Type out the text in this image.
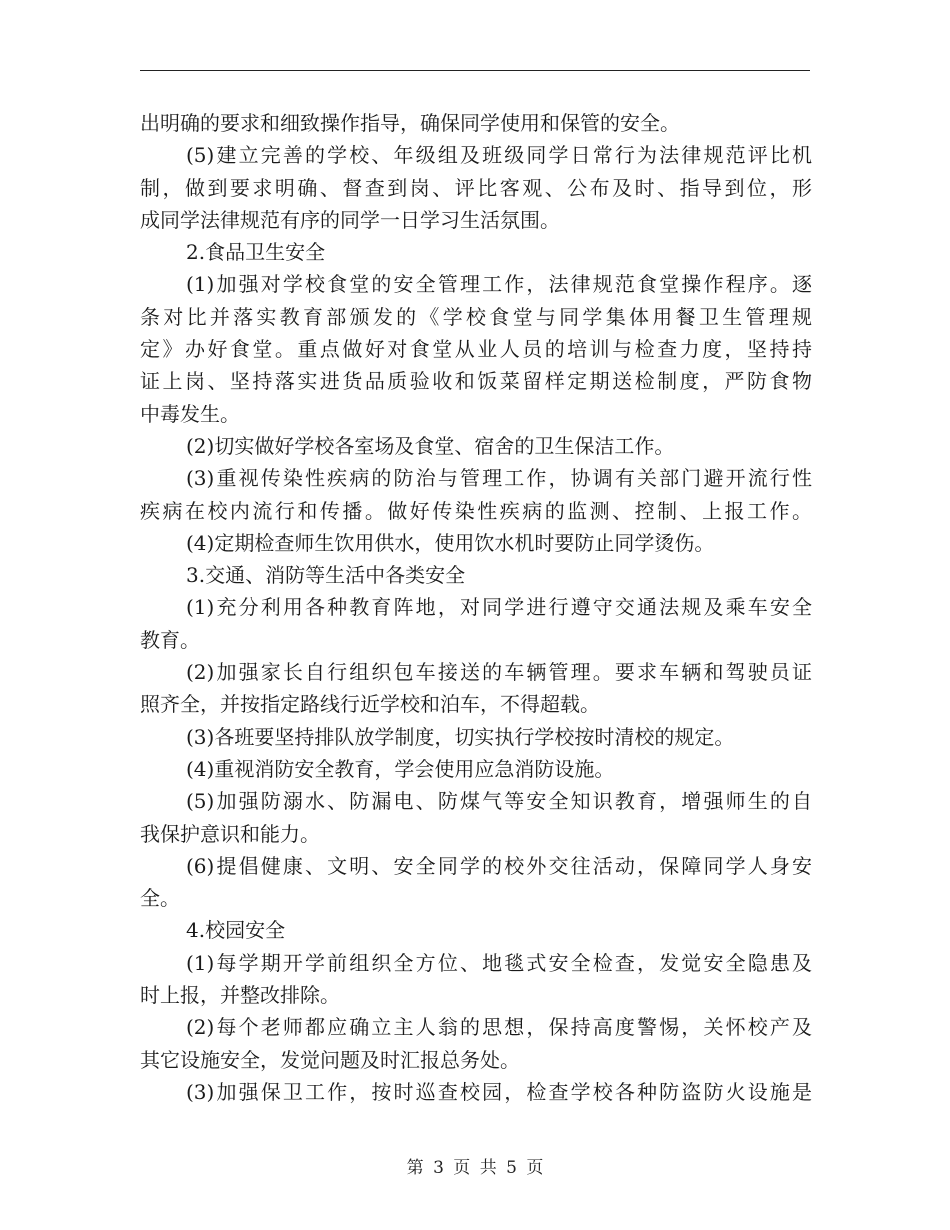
出明确的要求和细致操作指导，确保同学使用和保管的安全。
(5)建立完善的学校、年级组及班级同学日常行为法律规范评比机
制，做到要求明确、督查到岗、评比客观、公布及时、指导到位，形
成同学法律规范有序的同学一日学习生活氛围。
2.食品卫生安全
(1)加强对学校食堂的安全管理工作，法律规范食堂操作程序。逐
条对比并落实教育部颁发的《学校食堂与同学集体用餐卫生管理规
定》办好食堂。重点做好对食堂从业人员的培训与检查力度，坚持持
证上岗、坚持落实进货品质验收和饭菜留样定期送检制度，严防食物
中毒发生。
(2)切实做好学校各室场及食堂、宿舍的卫生保洁工作。
(3)重视传染性疾病的防治与管理工作，协调有关部门避开流行性
疾病在校内流行和传播。做好传染性疾病的监测、控制、上报工作。
(4)定期检查师生饮用供水，使用饮水机时要防止同学烫伤。
3.交通、消防等生活中各类安全
(1)充分利用各种教育阵地，对同学进行遵守交通法规及乘车安全
教育。
(2)加强家长自行组织包车接送的车辆管理。要求车辆和驾驶员证
照齐全，并按指定路线行近学校和泊车，不得超载。
(3)各班要坚持排队放学制度，切实执行学校按时清校的规定。
(4)重视消防安全教育，学会使用应急消防设施。
(5)加强防溺水、防漏电、防煤气等安全知识教育，增强师生的自
我保护意识和能力。
(6)提倡健康、文明、安全同学的校外交往活动，保障同学人身安
全。
4.校园安全
(1)每学期开学前组织全方位、地毯式安全检查，发觉安全隐患及
时上报，并整改排除。
(2)每个老师都应确立主人翁的思想，保持高度警惕，关怀校产及
其它设施安全，发觉问题及时汇报总务处。
(3)加强保卫工作，按时巡查校园，检查学校各种防盗防火设施是
第 3 页 共 5 页
